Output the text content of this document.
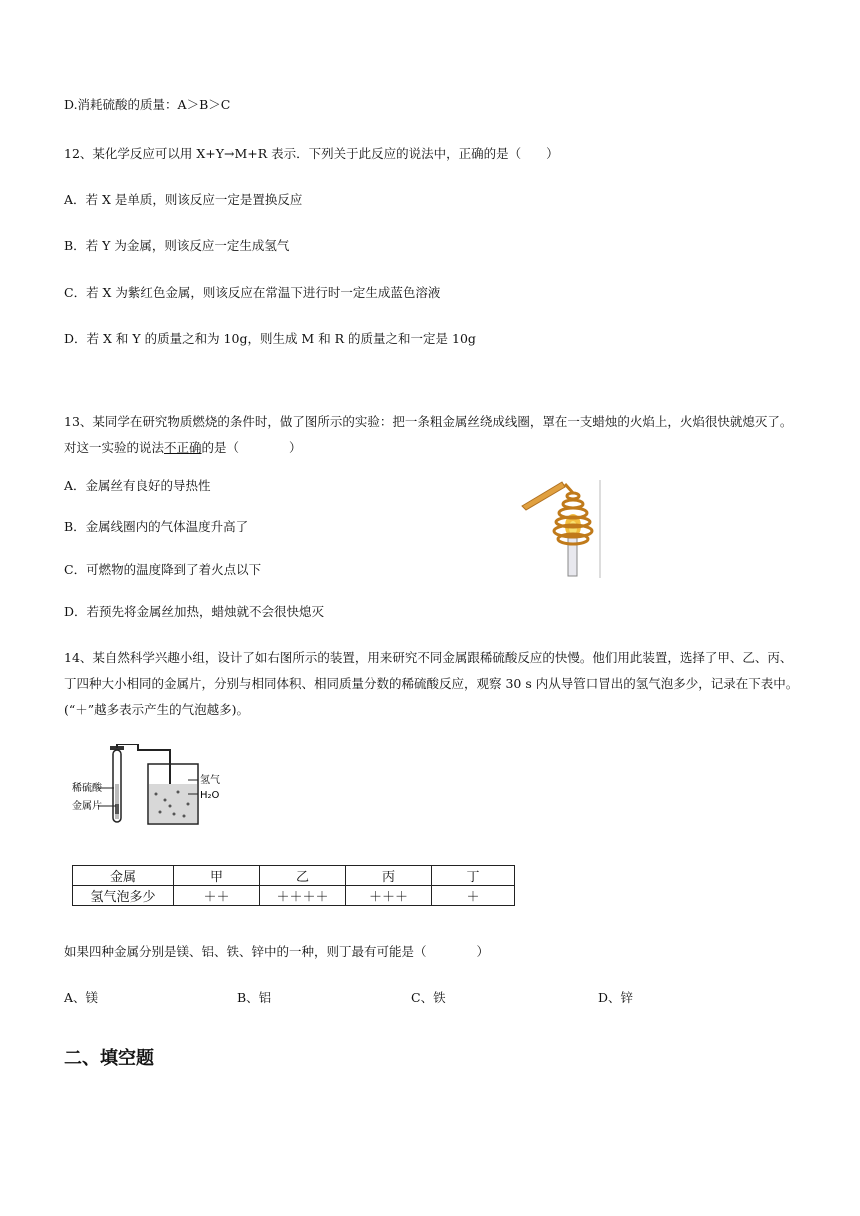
D.消耗硫酸的质量：A＞B＞C
12、某化学反应可以用 X+Y→M+R 表示．下列关于此反应的说法中，正确的是（　　）
A．若 X 是单质，则该反应一定是置换反应
B．若 Y 为金属，则该反应一定生成氢气
C．若 X 为紫红色金属，则该反应在常温下进行时一定生成蓝色溶液
D．若 X 和 Y 的质量之和为 10g，则生成 M 和 R 的质量之和一定是 10g
13、某同学在研究物质燃烧的条件时，做了图所示的实验：把一条粗金属丝绕成线圈，罩在一支蜡烛的火焰上，火焰很快就熄灭了。对这一实验的说法不正确的是（　　　　）
A．金属丝有良好的导热性
B．金属线圈内的气体温度升高了
C．可燃物的温度降到了着火点以下
D．若预先将金属丝加热，蜡烛就不会很快熄灭
14、某自然科学兴趣小组，设计了如右图所示的装置，用来研究不同金属跟稀硫酸反应的快慢。他们用此装置，选择了甲、乙、丙、丁四种大小相同的金属片，分别与相同体积、相同质量分数的稀硫酸反应，观察 30 s 内从导管口冒出的氢气泡多少，记录在下表中。(“＋”越多表示产生的气泡越多)。
稀硫酸
金属片
氢气
H₂O
金属	甲	乙	丙	丁
氢气泡多少	＋＋	＋＋＋＋	＋＋＋	＋
如果四种金属分别是镁、铝、铁、锌中的一种，则丁最有可能是（　　　　）
A、镁	B、铝	C、铁	D、锌
二、填空题
